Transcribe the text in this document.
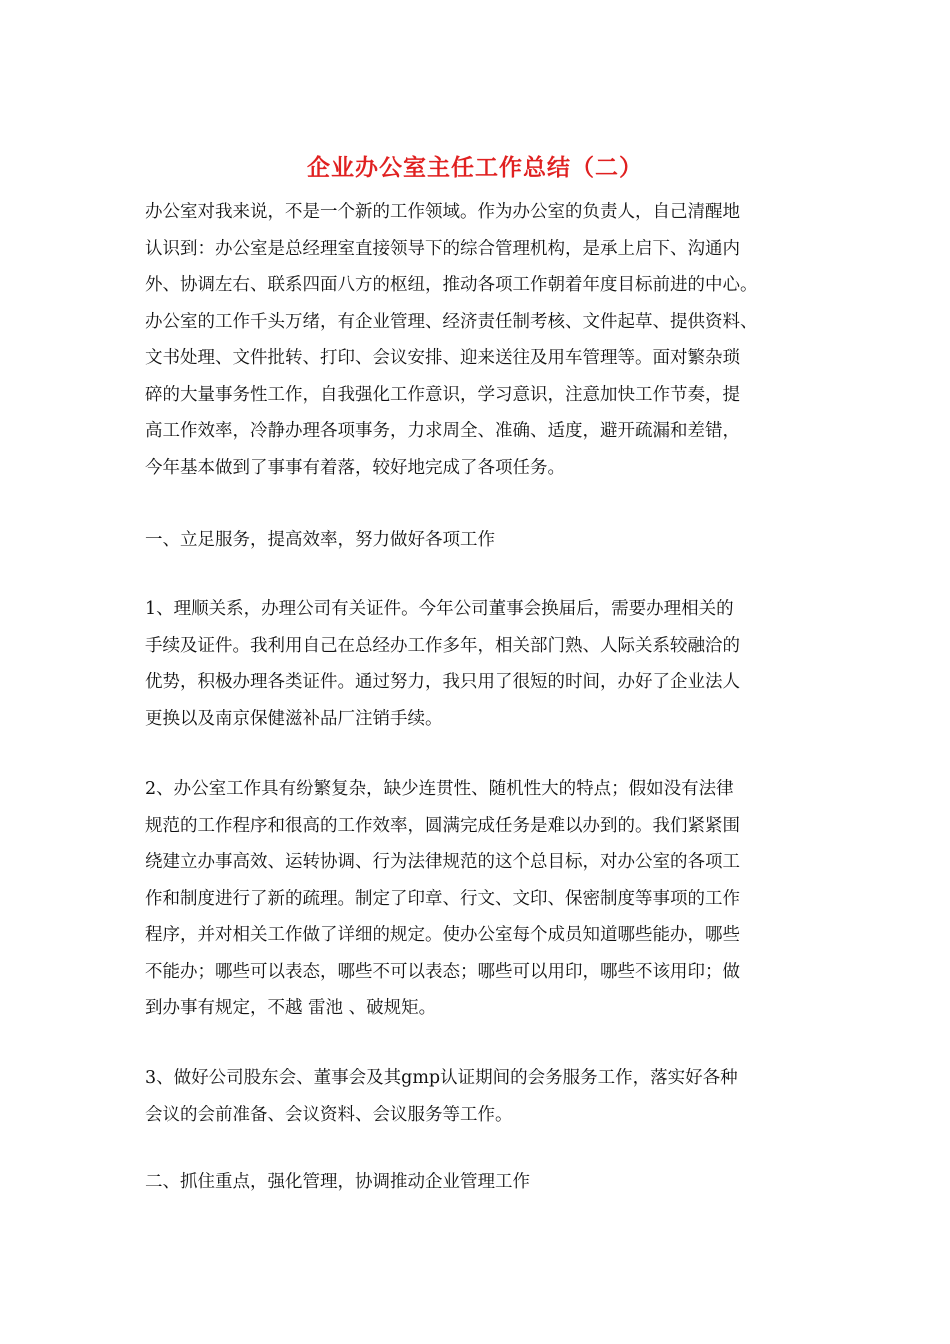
企业办公室主任工作总结（二）
办公室对我来说，不是一个新的工作领域。作为办公室的负责人，自己清醒地
认识到：办公室是总经理室直接领导下的综合管理机构，是承上启下、沟通内
外、协调左右、联系四面八方的枢纽，推动各项工作朝着年度目标前进的中心。
办公室的工作千头万绪，有企业管理、经济责任制考核、文件起草、提供资料、
文书处理、文件批转、打印、会议安排、迎来送往及用车管理等。面对繁杂琐
碎的大量事务性工作，自我强化工作意识，学习意识，注意加快工作节奏，提
高工作效率，冷静办理各项事务，力求周全、准确、适度，避开疏漏和差错，
今年基本做到了事事有着落，较好地完成了各项任务。
一、立足服务，提高效率，努力做好各项工作
1、理顺关系，办理公司有关证件。今年公司董事会换届后，需要办理相关的
手续及证件。我利用自己在总经办工作多年，相关部门熟、人际关系较融洽的
优势，积极办理各类证件。通过努力，我只用了很短的时间，办好了企业法人
更换以及南京保健滋补品厂注销手续。
2、办公室工作具有纷繁复杂，缺少连贯性、随机性大的特点；假如没有法律
规范的工作程序和很高的工作效率，圆满完成任务是难以办到的。我们紧紧围
绕建立办事高效、运转协调、行为法律规范的这个总目标，对办公室的各项工
作和制度进行了新的疏理。制定了印章、行文、文印、保密制度等事项的工作
程序，并对相关工作做了详细的规定。使办公室每个成员知道哪些能办，哪些
不能办；哪些可以表态，哪些不可以表态；哪些可以用印，哪些不该用印；做
到办事有规定，不越 雷池 、破规矩。
3、做好公司股东会、董事会及其gmp认证期间的会务服务工作，落实好各种
会议的会前准备、会议资料、会议服务等工作。
二、抓住重点，强化管理，协调推动企业管理工作
